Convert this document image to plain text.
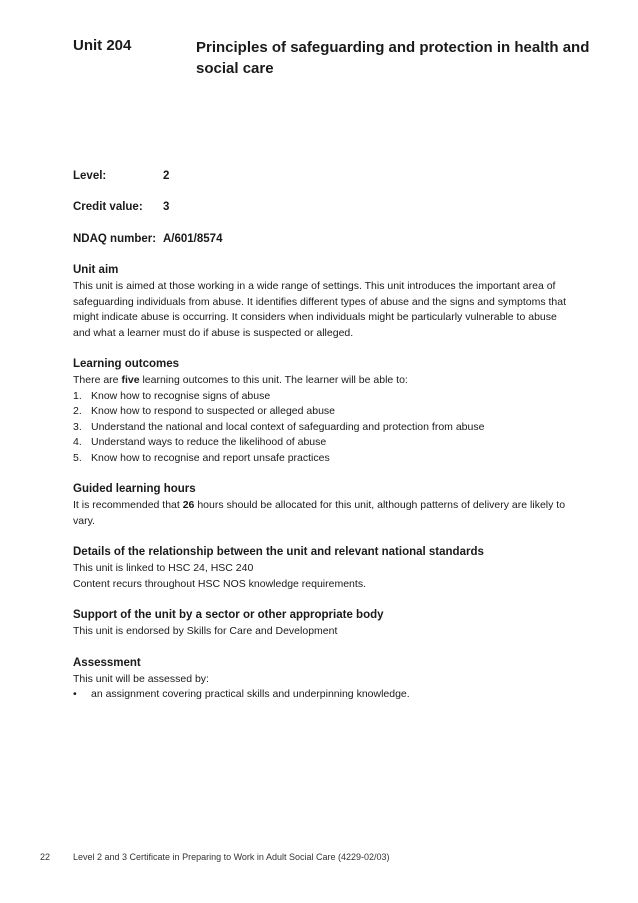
Unit 204	Principles of safeguarding and protection in health and social care
Level:	2
Credit value: 3
NDAQ number: A/601/8574
Unit aim

This unit is aimed at those working in a wide range of settings. This unit introduces the important area of safeguarding individuals from abuse. It identifies different types of abuse and the signs and symptoms that might indicate abuse is occurring. It considers when individuals might be particularly vulnerable to abuse and what a learner must do if abuse is suspected or alleged.

Learning outcomes

There are five learning outcomes to this unit. The learner will be able to:

1. Know how to recognise signs of abuse
2. Know how to respond to suspected or alleged abuse
3. Understand the national and local context of safeguarding and protection from abuse
4. Understand ways to reduce the likelihood of abuse
5. Know how to recognise and report unsafe practices
Guided learning hours

It is recommended that 26 hours should be allocated for this unit, although patterns of delivery are likely to vary.

Details of the relationship between the unit and relevant national standards

This unit is linked to HSC 24, HSC 240

Content recurs throughout HSC NOS knowledge requirements.

Support of the unit by a sector or other appropriate body

This unit is endorsed by Skills for Care and Development

Assessment

This unit will be assessed by:

•	an assignment covering practical skills and underpinning knowledge.
22	Level 2 and 3 Certificate in Preparing to Work in Adult Social Care (4229-02/03)
